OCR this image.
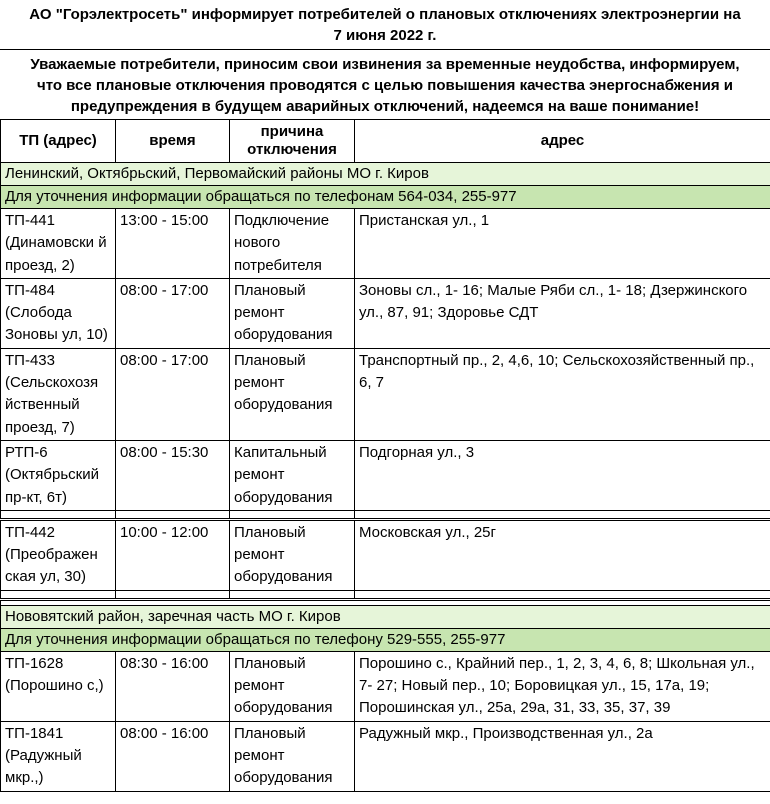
АО "Горэлектросеть" информирует потребителей о плановых отключениях электроэнергии на
7 июня 2022 г.
Уважаемые потребители, приносим свои извинения за временные неудобства, информируем,
что все плановые отключения проводятся с целью повышения качества энергоснабжения и
предупреждения в будущем аварийных отключений, надеемся на ваше понимание!
ТП (адрес)	время	причина отключения	адрес
Ленинский, Октябрьский, Первомайский районы МО г. Киров			
Для уточнения информации обращаться по телефонам 564-034, 255-977			
ТП-441 (Динамовски й проезд, 2)	13:00 - 15:00	Подключение нового потребителя	Пристанская ул., 1
ТП-484 (Слобода Зоновы ул, 10)	08:00 - 17:00	Плановый ремонт оборудования	Зоновы сл., 1- 16; Малые Ряби сл., 1- 18; Дзержинского ул., 87, 91; Здоровье СДТ
ТП-433 (Сельскохозя йственный проезд, 7)	08:00 - 17:00	Плановый ремонт оборудования	Транспортный пр., 2, 4,6, 10; Сельскохозяйственный пр., 6, 7
РТП-6 (Октябрьский пр-кт, 6т)	08:00 - 15:30	Капитальный ремонт оборудования	Подгорная ул., 3

ТП-442 (Преображен ская ул, 30)	10:00 - 12:00	Плановый ремонт оборудования	Московская ул., 25г

Нововятский район, заречная часть МО г. Киров			
Для уточнения информации обращаться по телефону 529-555, 255-977			
ТП-1628 (Порошино с,)	08:30 - 16:00	Плановый ремонт оборудования	Порошино с., Крайний пер., 1, 2, 3, 4, 6, 8; Школьная ул., 7- 27; Новый пер., 10; Боровицкая ул., 15, 17а, 19; Порошинская ул., 25а, 29а, 31, 33, 35, 37, 39
ТП-1841 (Радужный мкр.,)	08:00 - 16:00	Плановый ремонт оборудования	Радужный мкр., Производственная ул., 2а
